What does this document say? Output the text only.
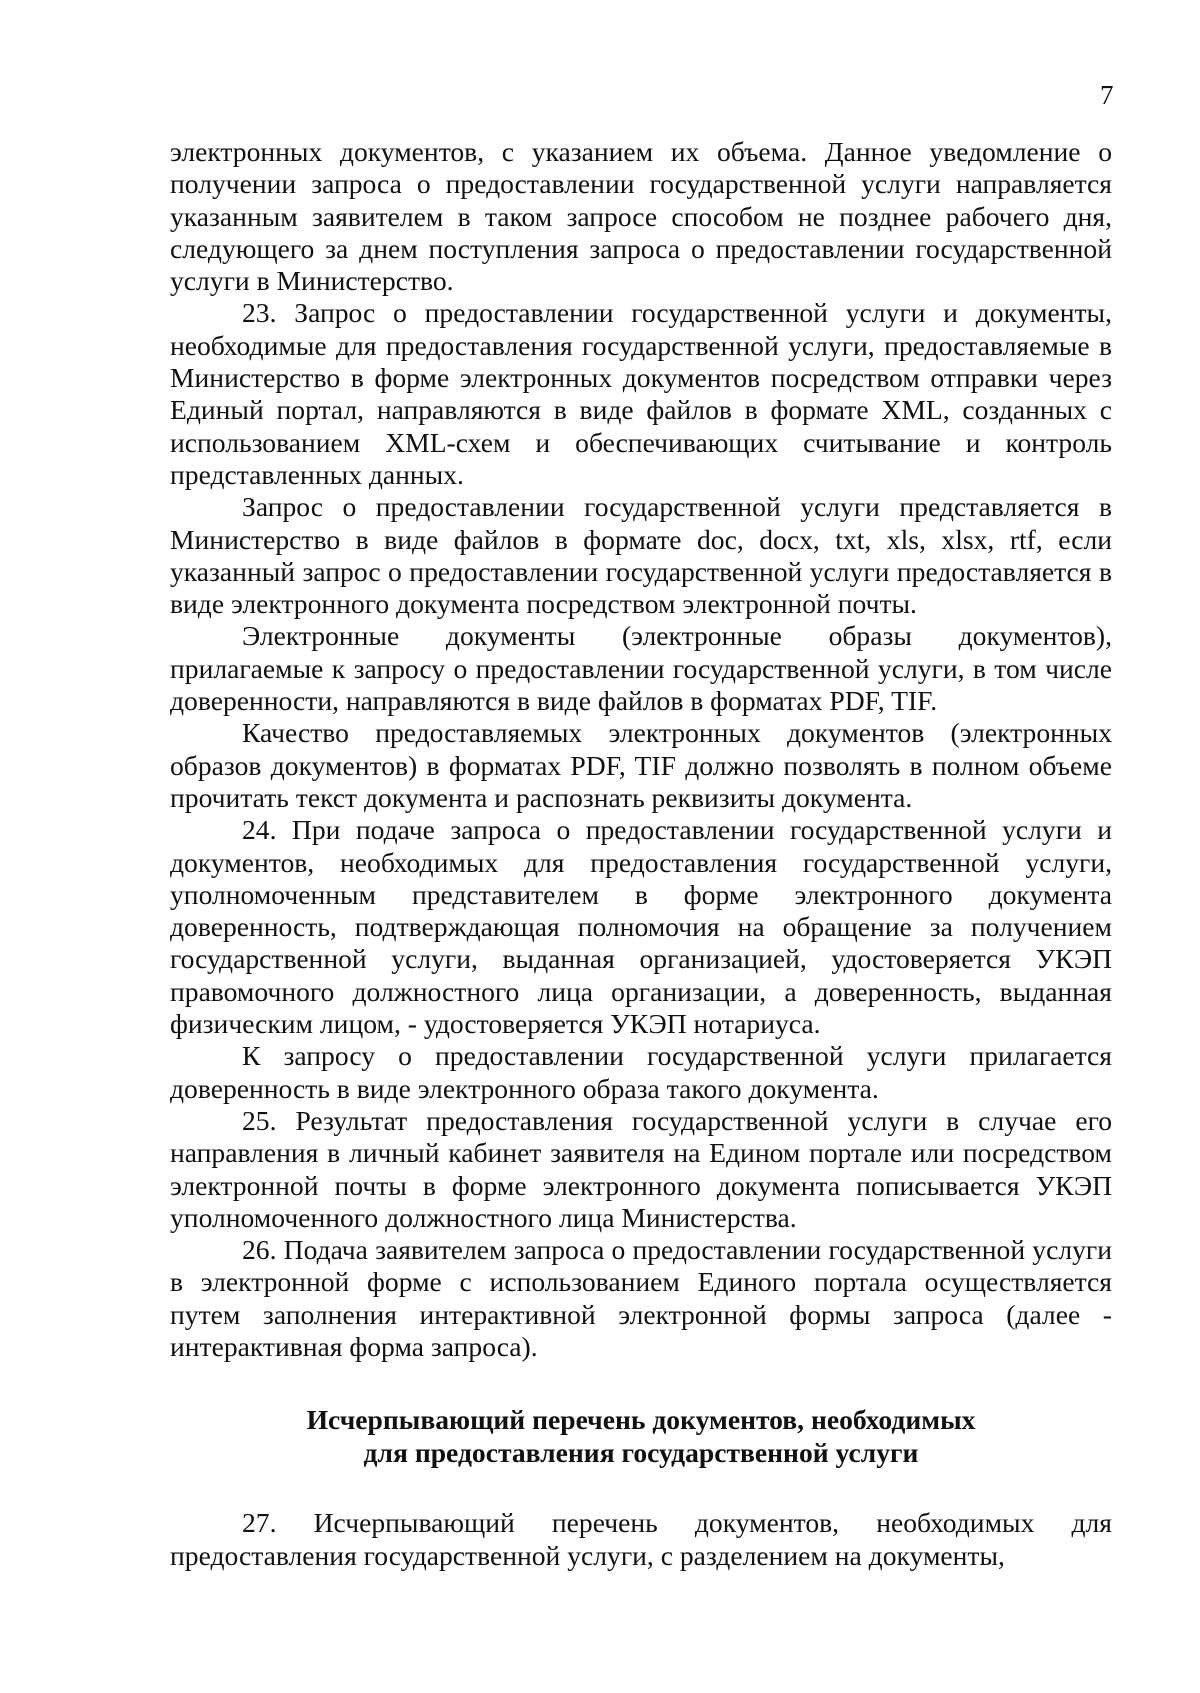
7

электронных документов, с указанием их объема. Данное уведомление о получении запроса о предоставлении государственной услуги направляется указанным заявителем в таком запросе способом не позднее рабочего дня, следующего за днем поступления запроса о предоставлении государственной услуги в Министерство.

23. Запрос о предоставлении государственной услуги и документы, необходимые для предоставления государственной услуги, предоставляемые в Министерство в форме электронных документов посредством отправки через Единый портал, направляются в виде файлов в формате XML, созданных с использованием XML-схем и обеспечивающих считывание и контроль представленных данных.

Запрос о предоставлении государственной услуги представляется в Министерство в виде файлов в формате doc, docx, txt, xls, xlsx, rtf, если указанный запрос о предоставлении государственной услуги предоставляется в виде электронного документа посредством электронной почты.

Электронные документы (электронные образы документов), прилагаемые к запросу о предоставлении государственной услуги, в том числе доверенности, направляются в виде файлов в форматах PDF, TIF.

Качество предоставляемых электронных документов (электронных образов документов) в форматах PDF, TIF должно позволять в полном объеме прочитать текст документа и распознать реквизиты документа.

24. При подаче запроса о предоставлении государственной услуги и документов, необходимых для предоставления государственной услуги, уполномоченным представителем в форме электронного документа доверенность, подтверждающая полномочия на обращение за получением государственной услуги, выданная организацией, удостоверяется УКЭП правомочного должностного лица организации, а доверенность, выданная физическим лицом, - удостоверяется УКЭП нотариуса.

К запросу о предоставлении государственной услуги прилагается доверенность в виде электронного образа такого документа.

25. Результат предоставления государственной услуги в случае его направления в личный кабинет заявителя на Едином портале или посредством электронной почты в форме электронного документа пописывается УКЭП уполномоченного должностного лица Министерства.

26. Подача заявителем запроса о предоставлении государственной услуги в электронной форме с использованием Единого портала осуществляется путем заполнения интерактивной электронной формы запроса (далее - интерактивная форма запроса).

Исчерпывающий перечень документов, необходимых
для предоставления государственной услуги

27. Исчерпывающий перечень документов, необходимых для предоставления государственной услуги, с разделением на документы,
